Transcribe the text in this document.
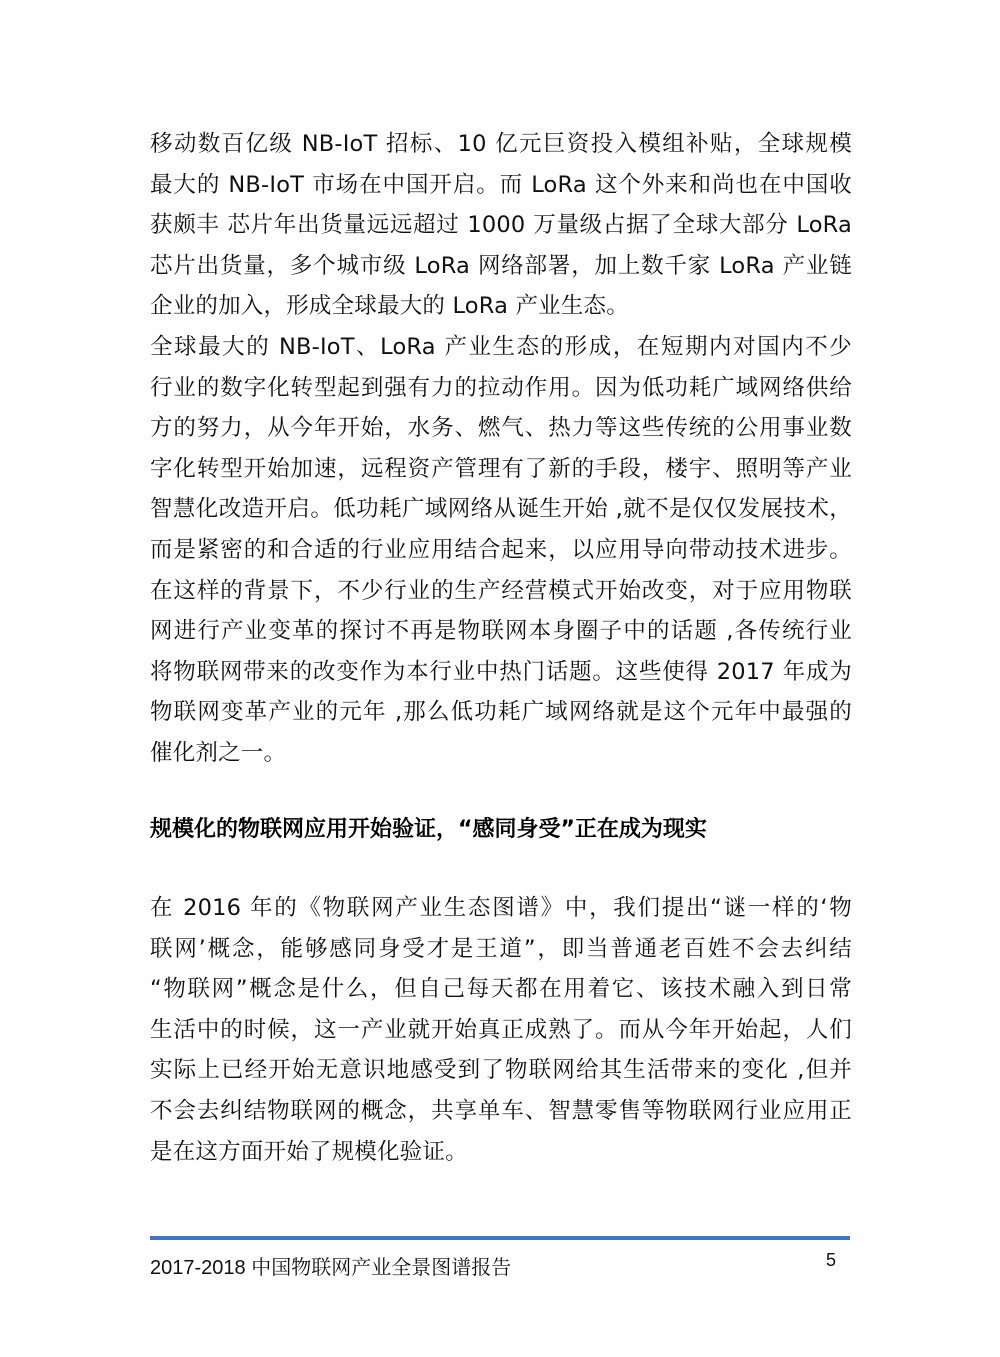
移动数百亿级 NB-IoT 招标、10 亿元巨资投入模组补贴，全球规模
最大的 NB-IoT 市场在中国开启。而 LoRa 这个外来和尚也在中国收
获颇丰 芯片年出货量远远超过 1000 万量级占据了全球大部分 LoRa
芯片出货量，多个城市级 LoRa 网络部署，加上数千家 LoRa 产业链
企业的加入，形成全球最大的 LoRa 产业生态。

全球最大的 NB-IoT、LoRa 产业生态的形成，在短期内对国内不少
行业的数字化转型起到强有力的拉动作用。因为低功耗广域网络供给
方的努力，从今年开始，水务、燃气、热力等这些传统的公用事业数
字化转型开始加速，远程资产管理有了新的手段，楼宇、照明等产业
智慧化改造开启。低功耗广域网络从诞生开始 ,就不是仅仅发展技术，
而是紧密的和合适的行业应用结合起来，以应用导向带动技术进步。
在这样的背景下，不少行业的生产经营模式开始改变，对于应用物联
网进行产业变革的探讨不再是物联网本身圈子中的话题 ,各传统行业
将物联网带来的改变作为本行业中热门话题。这些使得 2017 年成为
物联网变革产业的元年 ,那么低功耗广域网络就是这个元年中最强的
催化剂之一。

规模化的物联网应用开始验证，“感同身受”正在成为现实

在 2016 年的《物联网产业生态图谱》中，我们提出“谜一样的‘物
联网’概念，能够感同身受才是王道”，即当普通老百姓不会去纠结
“物联网”概念是什么，但自己每天都在用着它、该技术融入到日常
生活中的时候，这一产业就开始真正成熟了。而从今年开始起，人们
实际上已经开始无意识地感受到了物联网给其生活带来的变化 ,但并
不会去纠结物联网的概念，共享单车、智慧零售等物联网行业应用正
是在这方面开始了规模化验证。

2017-2018 中国物联网产业全景图谱报告	5
